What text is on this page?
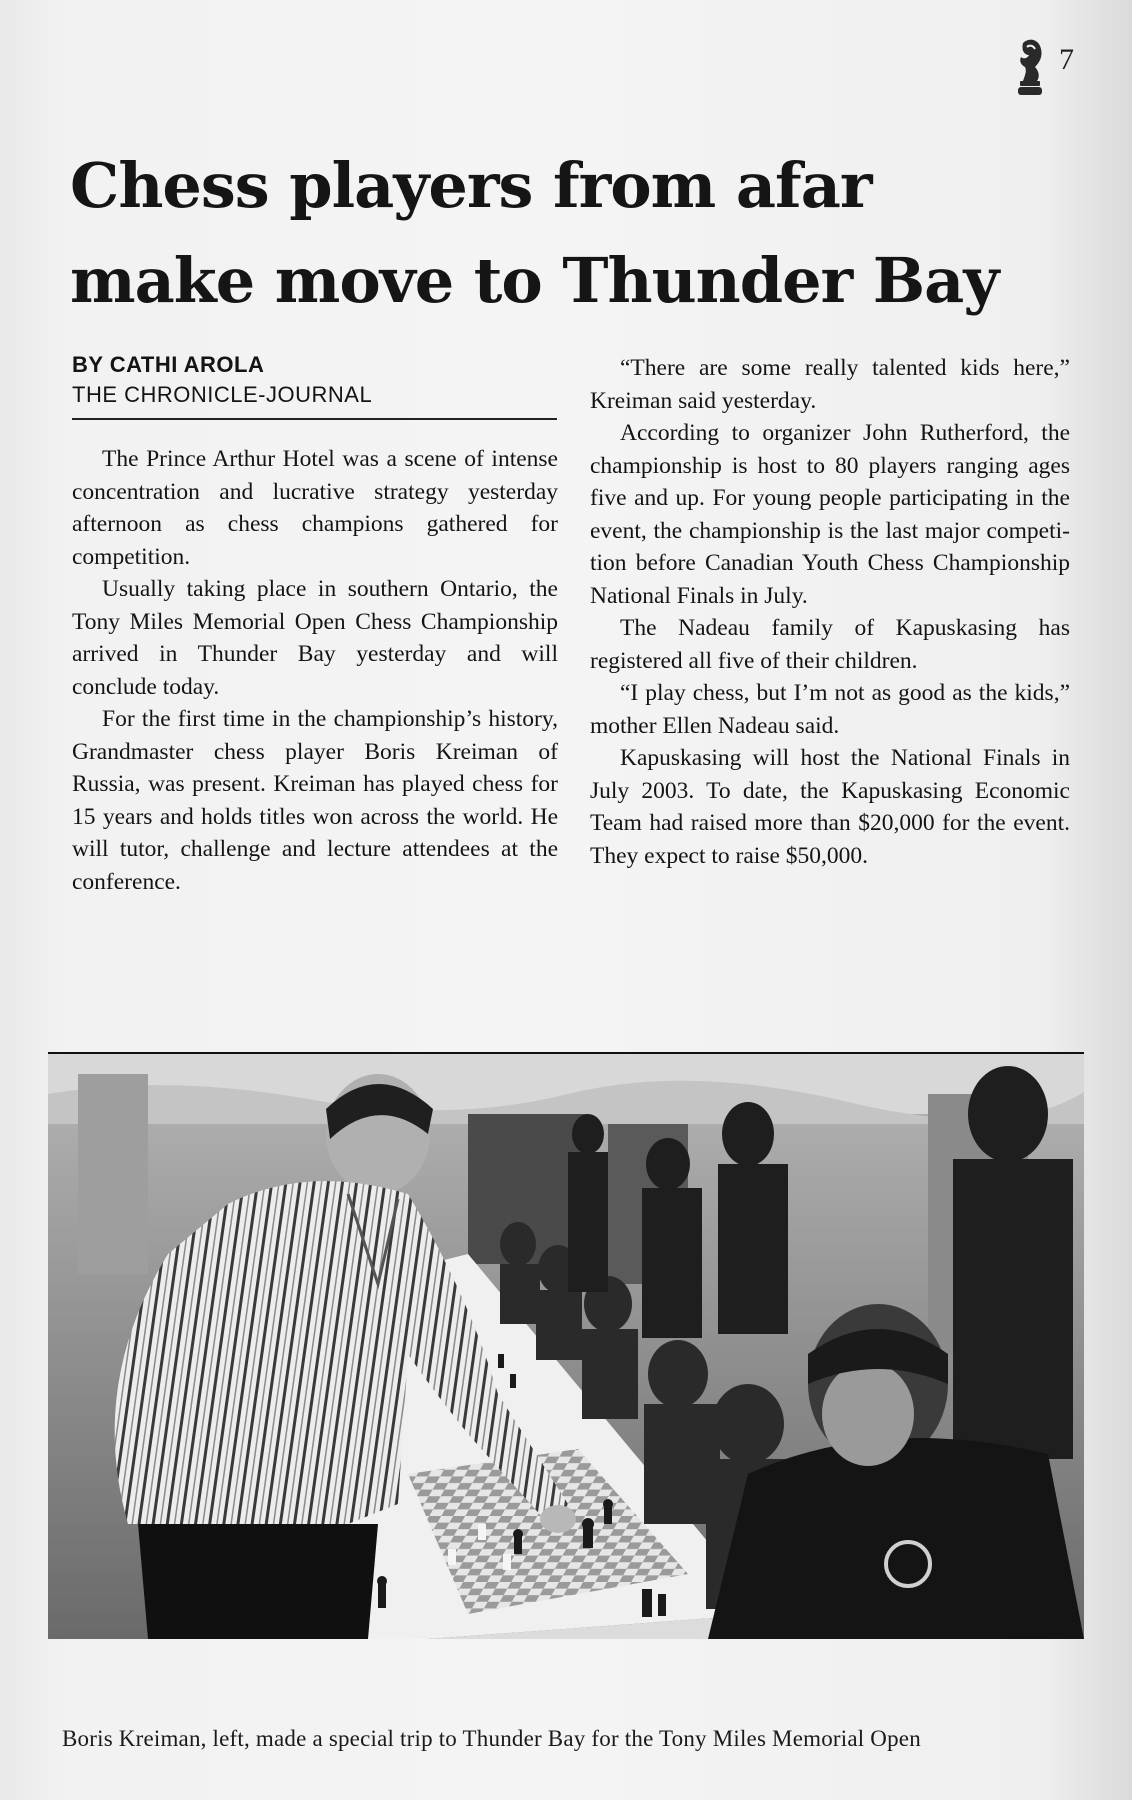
7
Chess players from afar
make move to Thunder Bay
BY CATHI AROLA
THE CHRONICLE-JOURNAL

The Prince Arthur Hotel was a scene of intense concentration and lucrative strategy yesterday afternoon as chess champions gathered for competition.

Usually taking place in southern Ontario, the Tony Miles Memorial Open Chess Championship arrived in Thunder Bay yesterday and will conclude today.

For the first time in the championship’s history, Grandmaster chess player Boris Kreiman of Russia, was present. Kreiman has played chess for 15 years and holds titles won across the world. He will tutor, challenge and lecture attendees at the conference.

“There are some really talented kids here,” Kreiman said yesterday.

According to organizer John Rutherford, the championship is host to 80 players ranging ages five and up. For young people participating in the event, the championship is the last major competition before Canadian Youth Chess Championship National Finals in July.

The Nadeau family of Kapuskasing has registered all five of their children.

“I play chess, but I’m not as good as the kids,” mother Ellen Nadeau said.

Kapuskasing will host the National Finals in July 2003. To date, the Kapuskasing Economic Team had raised more than $20,000 for the event. They expect to raise $50,000.

Boris Kreiman, left, made a special trip to Thunder Bay for the Tony Miles Memorial Open
